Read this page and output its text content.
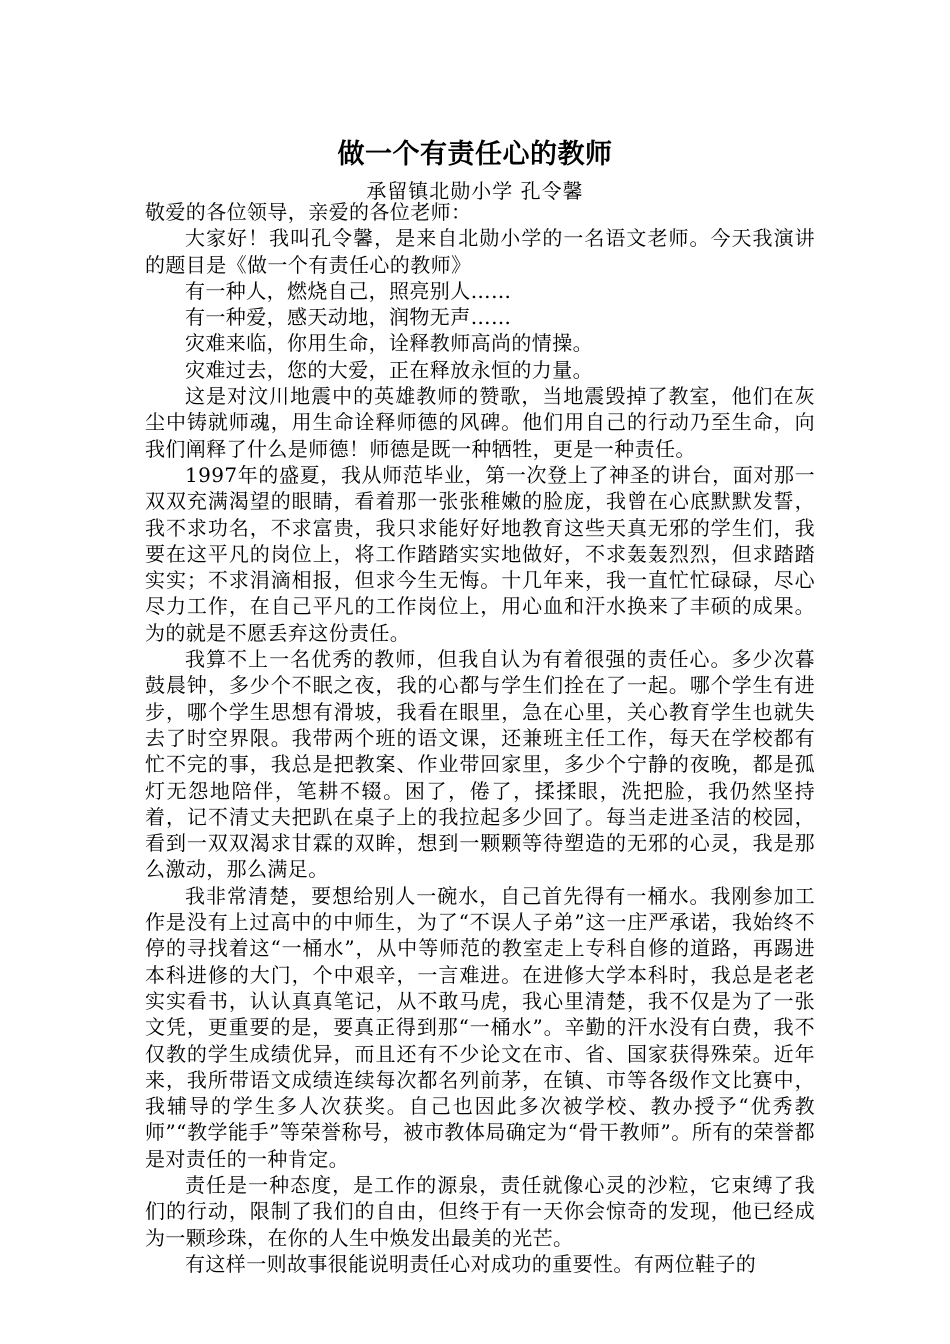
做一个有责任心的教师
承留镇北勋小学 孔令馨

敬爱的各位领导，亲爱的各位老师：

大家好！我叫孔令馨，是来自北勋小学的一名语文老师。今天我演讲的题目是《做一个有责任心的教师》

有一种人，燃烧自己，照亮别人……

有一种爱，感天动地，润物无声……

灾难来临，你用生命，诠释教师高尚的情操。

灾难过去，您的大爱，正在释放永恒的力量。

这是对汶川地震中的英雄教师的赞歌，当地震毁掉了教室，他们在灰尘中铸就师魂，用生命诠释师德的风碑。他们用自己的行动乃至生命，向我们阐释了什么是师德！师德是既一种牺牲，更是一种责任。

1997年的盛夏，我从师范毕业，第一次登上了神圣的讲台，面对那一双双充满渴望的眼睛，看着那一张张稚嫩的脸庞，我曾在心底默默发誓，我不求功名，不求富贵，我只求能好好地教育这些天真无邪的学生们，我要在这平凡的岗位上，将工作踏踏实实地做好，不求轰轰烈烈，但求踏踏实实；不求涓滴相报，但求今生无悔。十几年来，我一直忙忙碌碌，尽心尽力工作，在自己平凡的工作岗位上，用心血和汗水换来了丰硕的成果。为的就是不愿丢弃这份责任。

我算不上一名优秀的教师，但我自认为有着很强的责任心。多少次暮鼓晨钟，多少个不眠之夜，我的心都与学生们拴在了一起。哪个学生有进步，哪个学生思想有滑坡，我看在眼里，急在心里，关心教育学生也就失去了时空界限。我带两个班的语文课，还兼班主任工作，每天在学校都有忙不完的事，我总是把教案、作业带回家里，多少个宁静的夜晚，都是孤灯无怨地陪伴，笔耕不辍。困了，倦了，揉揉眼，洗把脸，我仍然坚持着，记不清丈夫把趴在桌子上的我拉起多少回了。每当走进圣洁的校园，看到一双双渴求甘霖的双眸，想到一颗颗等待塑造的无邪的心灵，我是那么激动，那么满足。

我非常清楚，要想给别人一碗水，自己首先得有一桶水。我刚参加工作是没有上过高中的中师生，为了“不误人子弟”这一庄严承诺，我始终不停的寻找着这“一桶水”，从中等师范的教室走上专科自修的道路，再踢进本科进修的大门，个中艰辛，一言难进。在进修大学本科时，我总是老老实实看书，认认真真笔记，从不敢马虎，我心里清楚，我不仅是为了一张文凭，更重要的是，要真正得到那“一桶水”。辛勤的汗水没有白费，我不仅教的学生成绩优异，而且还有不少论文在市、省、国家获得殊荣。近年来，我所带语文成绩连续每次都名列前茅，在镇、市等各级作文比赛中，我辅导的学生多人次获奖。自己也因此多次被学校、教办授予“优秀教师”“教学能手”等荣誉称号，被市教体局确定为“骨干教师”。所有的荣誉都是对责任的一种肯定。

责任是一种态度，是工作的源泉，责任就像心灵的沙粒，它束缚了我们的行动，限制了我们的自由，但终于有一天你会惊奇的发现，他已经成为一颗珍珠，在你的人生中焕发出最美的光芒。

有这样一则故事很能说明责任心对成功的重要性。有两位鞋子的
